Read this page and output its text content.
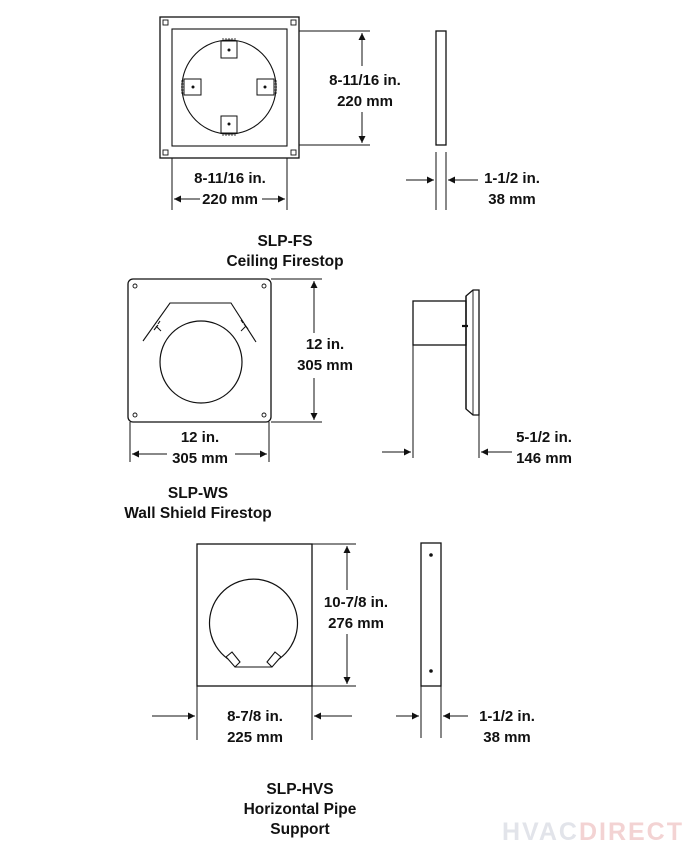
8-11/16 in.
220 mm
8-11/16 in.
220 mm
1-1/2 in.
38 mm
SLP-FS
Ceiling Firestop
12 in.
305 mm
12 in.
305 mm
5-1/2 in.
146 mm
SLP-WS
Wall Shield Firestop
10-7/8 in.
276 mm
8-7/8 in.
225 mm
1-1/2 in.
38 mm
SLP-HVS
Horizontal Pipe
Support	HVACDIRECT
